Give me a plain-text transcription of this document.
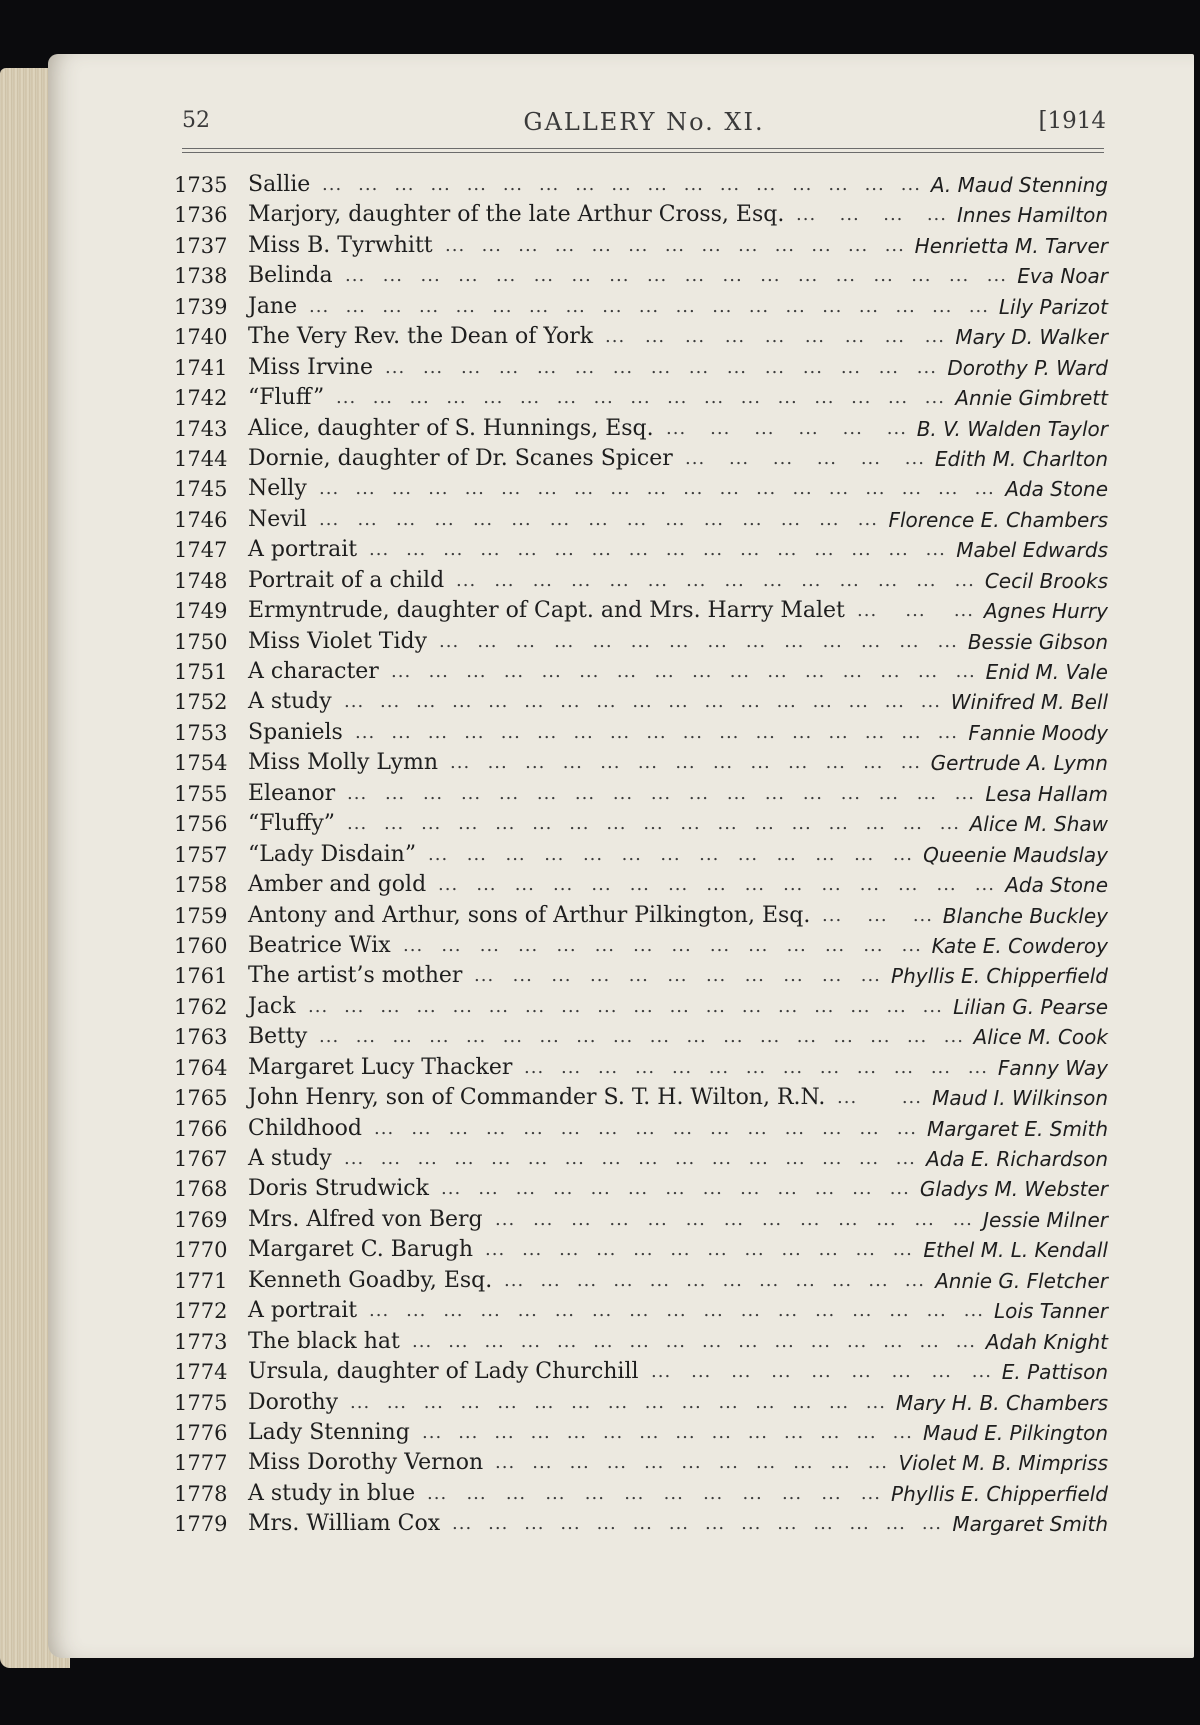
52	GALLERY No. XI.	[1914
1735 Sallie ... ... ... ... ... ... ... ... ... ... ... ... ... ... ... ... ... A. Maud Stenning
1736 Marjory, daughter of the late Arthur Cross, Esq. ... ... ... ... Innes Hamilton
1737 Miss B. Tyrwhitt ... ... ... ... ... ... ... ... ... ... ... ... ... Henrietta M. Tarver
1738 Belinda ... ... ... ... ... ... ... ... ... ... ... ... ... ... ... ... ... ... Eva Noar
1739 Jane ... ... ... ... ... ... ... ... ... ... ... ... ... ... ... ... ... ... ... Lily Parizot
1740 The Very Rev. the Dean of York ... ... ... ... ... ... ... ... ... Mary D. Walker
1741 Miss Irvine ... ... ... ... ... ... ... ... ... ... ... ... ... ... ... Dorothy P. Ward
1742 “Fluff” ... ... ... ... ... ... ... ... ... ... ... ... ... ... ... ... ... Annie Gimbrett
1743 Alice, daughter of S. Hunnings, Esq. ... ... ... ... ... ... B. V. Walden Taylor
1744 Dornie, daughter of Dr. Scanes Spicer ... ... ... ... ... ... Edith M. Charlton
1745 Nelly ... ... ... ... ... ... ... ... ... ... ... ... ... ... ... ... ... ... ... Ada Stone
1746 Nevil ... ... ... ... ... ... ... ... ... ... ... ... ... ... ... Florence E. Chambers
1747 A portrait ... ... ... ... ... ... ... ... ... ... ... ... ... ... ... ... Mabel Edwards
1748 Portrait of a child ... ... ... ... ... ... ... ... ... ... ... ... ... ... Cecil Brooks
1749 Ermyntrude, daughter of Capt. and Mrs. Harry Malet ... ... ... Agnes Hurry
1750 Miss Violet Tidy ... ... ... ... ... ... ... ... ... ... ... ... ... ... Bessie Gibson
1751 A character ... ... ... ... ... ... ... ... ... ... ... ... ... ... ... ... Enid M. Vale
1752 A study ... ... ... ... ... ... ... ... ... ... ... ... ... ... ... ... ... Winifred M. Bell
1753 Spaniels ... ... ... ... ... ... ... ... ... ... ... ... ... ... ... ... ... Fannie Moody
1754 Miss Molly Lymn ... ... ... ... ... ... ... ... ... ... ... ... ... Gertrude A. Lymn
1755 Eleanor ... ... ... ... ... ... ... ... ... ... ... ... ... ... ... ... ... Lesa Hallam
1756 “Fluffy” ... ... ... ... ... ... ... ... ... ... ... ... ... ... ... ... ... Alice M. Shaw
1757 “Lady Disdain” ... ... ... ... ... ... ... ... ... ... ... ... ... Queenie Maudslay
1758 Amber and gold ... ... ... ... ... ... ... ... ... ... ... ... ... ... ... Ada Stone
1759 Antony and Arthur, sons of Arthur Pilkington, Esq. ... ... ... Blanche Buckley
1760 Beatrice Wix ... ... ... ... ... ... ... ... ... ... ... ... ... ... Kate E. Cowderoy
1761 The artist’s mother ... ... ... ... ... ... ... ... ... ... ... Phyllis E. Chipperfield
1762 Jack ... ... ... ... ... ... ... ... ... ... ... ... ... ... ... ... ... ... Lilian G. Pearse
1763 Betty ... ... ... ... ... ... ... ... ... ... ... ... ... ... ... ... ... ... Alice M. Cook
1764 Margaret Lucy Thacker ... ... ... ... ... ... ... ... ... ... ... ... ... Fanny Way
1765 John Henry, son of Commander S. T. H. Wilton, R.N. ... ... Maud I. Wilkinson
1766 Childhood ... ... ... ... ... ... ... ... ... ... ... ... ... ... ... Margaret E. Smith
1767 A study ... ... ... ... ... ... ... ... ... ... ... ... ... ... ... ... Ada E. Richardson
1768 Doris Strudwick ... ... ... ... ... ... ... ... ... ... ... ... ... Gladys M. Webster
1769 Mrs. Alfred von Berg ... ... ... ... ... ... ... ... ... ... ... ... ... Jessie Milner
1770 Margaret C. Barugh ... ... ... ... ... ... ... ... ... ... ... ... Ethel M. L. Kendall
1771 Kenneth Goadby, Esq. ... ... ... ... ... ... ... ... ... ... ... ... Annie G. Fletcher
1772 A portrait ... ... ... ... ... ... ... ... ... ... ... ... ... ... ... ... ... Lois Tanner
1773 The black hat ... ... ... ... ... ... ... ... ... ... ... ... ... ... ... ... Adah Knight
1774 Ursula, daughter of Lady Churchill ... ... ... ... ... ... ... ... ... E. Pattison
1775 Dorothy ... ... ... ... ... ... ... ... ... ... ... ... ... ... ... Mary H. B. Chambers
1776 Lady Stenning ... ... ... ... ... ... ... ... ... ... ... ... ... ... Maud E. Pilkington
1777 Miss Dorothy Vernon ... ... ... ... ... ... ... ... ... ... ... Violet M. B. Mimpriss
1778 A study in blue ... ... ... ... ... ... ... ... ... ... ... ... Phyllis E. Chipperfield
1779 Mrs. William Cox ... ... ... ... ... ... ... ... ... ... ... ... ... ... Margaret Smith
